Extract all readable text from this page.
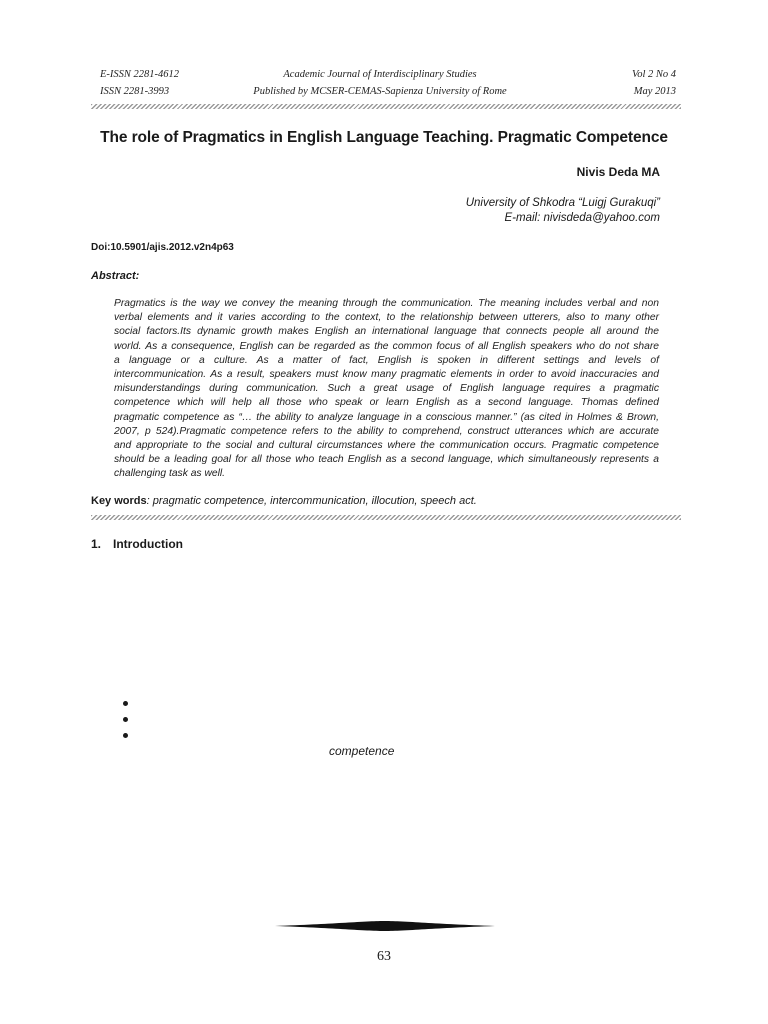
E-ISSN 2281-4612
ISSN 2281-3993
Academic Journal of Interdisciplinary Studies
Published by MCSER-CEMAS-Sapienza University of Rome
Vol 2 No 4
May 2013
The role of Pragmatics in English Language Teaching. Pragmatic Competence
Nivis Deda MA
University of Shkodra “Luigj Gurakuqi”
E-mail: nivisdeda@yahoo.com
Doi:10.5901/ajis.2012.v2n4p63
Abstract:
Pragmatics is the way we convey the meaning through the communication. The meaning includes verbal and non
verbal elements and it varies according to the context, to the relationship between utterers, also to many other
social factors.Its dynamic growth makes English an international language that connects people all around the
world. As a consequence, English can be regarded as the common focus of all English speakers who do not share
a language or a culture. As a matter of fact, English is spoken in different settings and levels of
intercommunication. As a result, speakers must know many pragmatic elements in order to avoid inaccuracies and
misunderstandings during communication. Such a great usage of English language requires a pragmatic
competence which will help all those who speak or learn English as a second language. Thomas defined
pragmatic competence as “… the ability to analyze language in a conscious manner.” (as cited in Holmes & Brown,
2007, p 524).Pragmatic competence refers to the ability to comprehend, construct utterances which are accurate
and appropriate to the social and cultural circumstances where the communication occurs. Pragmatic competence
should be a leading goal for all those who teach English as a second language, which simultaneously represents a
challenging task as well.
Key words: pragmatic competence, intercommunication, illocution, speech act.
1. Introduction
competence
63
